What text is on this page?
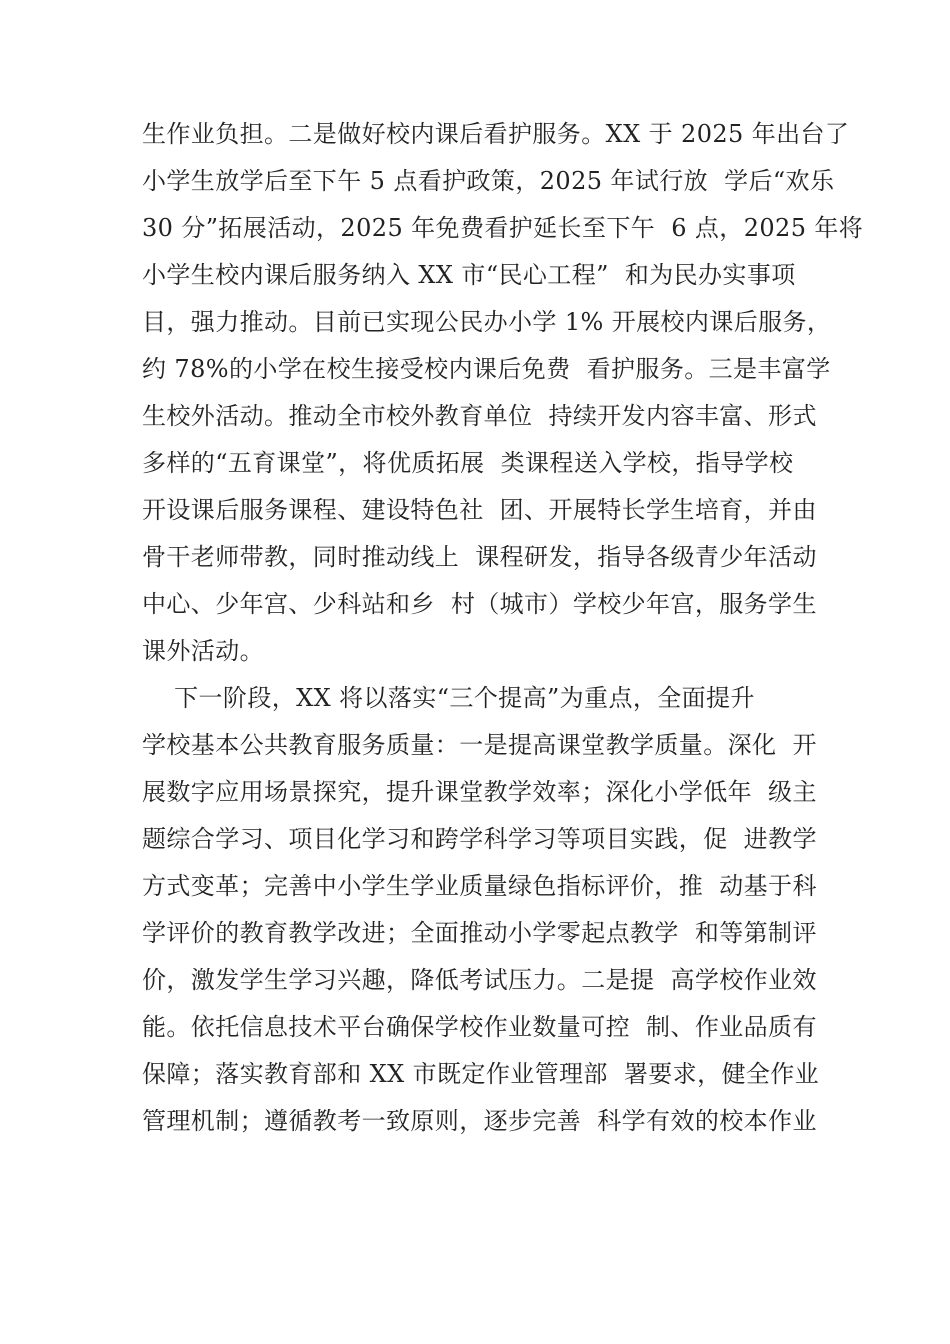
生作业负担。二是做好校内课后看护服务。XX 于 2025 年出台了
小学生放学后至下午 5 点看护政策，2025 年试行放  学后“欢乐
30 分”拓展活动，2025 年免费看护延长至下午  6 点，2025 年将
小学生校内课后服务纳入 XX 市“民心工程”  和为民办实事项
目，强力推动。目前已实现公民办小学 1% 开展校内课后服务，
约 78%的小学在校生接受校内课后免费  看护服务。三是丰富学
生校外活动。推动全市校外教育单位  持续开发内容丰富、形式
多样的“五育课堂”，将优质拓展  类课程送入学校，指导学校
开设课后服务课程、建设特色社  团、开展特长学生培育，并由
骨干老师带教，同时推动线上  课程研发，指导各级青少年活动
中心、少年宫、少科站和乡  村（城市）学校少年宫，服务学生
课外活动。
下一阶段，XX 将以落实“三个提高”为重点，全面提升
学校基本公共教育服务质量：一是提高课堂教学质量。深化  开
展数字应用场景探究，提升课堂教学效率；深化小学低年  级主
题综合学习、项目化学习和跨学科学习等项目实践，促  进教学
方式变革；完善中小学生学业质量绿色指标评价，推  动基于科
学评价的教育教学改进；全面推动小学零起点教学  和等第制评
价，激发学生学习兴趣，降低考试压力。二是提  高学校作业效
能。依托信息技术平台确保学校作业数量可控  制、作业品质有
保障；落实教育部和 XX 市既定作业管理部  署要求，健全作业
管理机制；遵循教考一致原则，逐步完善  科学有效的校本作业
